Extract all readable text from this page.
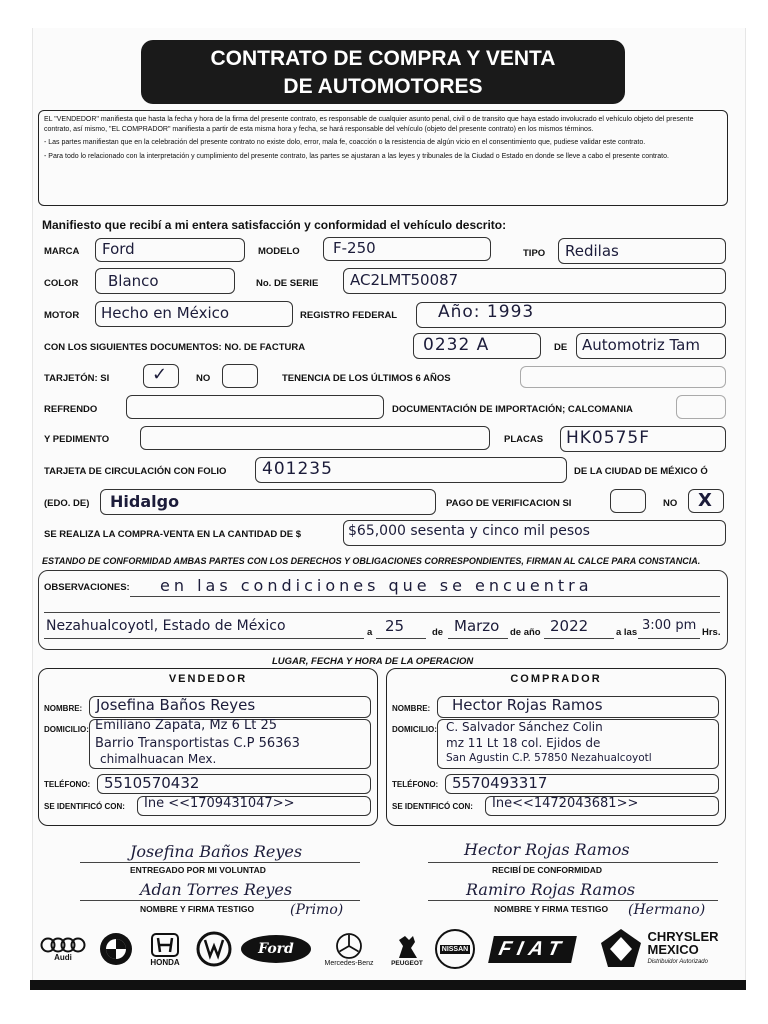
CONTRATO DE COMPRA Y VENTA
DE AUTOMOTORES

EL "VENDEDOR" manifiesta que hasta la fecha y hora de la firma del presente contrato, es responsable de cualquier asunto penal, civil o de transito que haya estado involucrado el vehículo objeto del presente contrato, así mismo, "EL COMPRADOR" manifiesta a partir de esta misma hora y fecha, se hará responsable del vehículo (objeto del presente contrato) en los mismos términos.

- Las partes manifiestan que en la celebración del presente contrato no existe dolo, error, mala fe, coacción o la resistencia de algún vicio en el consentimiento que, pudiese validar este contrato.

- Para todo lo relacionado con la interpretación y cumplimiento del presente contrato, las partes se ajustaran a las leyes y tribunales de la Ciudad o Estado en donde se lleve a cabo el presente contrato.

Manifiesto que recibí a mi entera satisfacción y conformidad el vehículo descrito:
MARCA Ford	MODELO F-250	TIPO Redilas
COLOR Blanco	No. DE SERIE AC2LMT50087
MOTOR Hecho en México	REGISTRO FEDERAL Año: 1993
CON LOS SIGUIENTES DOCUMENTOS: NO. DE FACTURA	0232 A	DE Automotriz Tam
TARJETÓN: SI ✓	NO	TENENCIA DE LOS ÚLTIMOS 6 AÑOS
REFRENDO	DOCUMENTACIÓN DE IMPORTACIÓN; CALCOMANIA
Y PEDIMENTO	PLACAS HK0575F
TARJETA DE CIRCULACIÓN CON FOLIO 401235	DE LA CIUDAD DE MÉXICO Ó
(EDO. DE) Hidalgo	PAGO DE VERIFICACION SI	NO X
SE REALIZA LA COMPRA-VENTA EN LA CANTIDAD DE $	$65,000 sesenta y cinco mil pesos
ESTANDO DE CONFORMIDAD AMBAS PARTES CON LOS DERECHOS Y OBLIGACIONES CORRESPONDIENTES, FIRMAN AL CALCE PARA CONSTANCIA.
OBSERVACIONES: en las condiciones que se encuentra
Nezahualcoyotl, Estado de México	a 25	de Marzo de año 2022	a las 3:00 pm Hrs.
LUGAR, FECHA Y HORA DE LA OPERACION
VENDEDOR
NOMBRE: Josefina Baños Reyes
DOMICILIO: Emiliano Zapata, Mz 6 Lt 25
Barrio Transportistas C.P 56363
chimalhuacan Mex.
TELÉFONO: 5510570432
SE IDENTIFICÓ CON: Ine <<1709431047>>
COMPRADOR
NOMBRE: Hector Rojas Ramos
DOMICILIO: C. Salvador Sánchez Colin
mz 11 Lt 18 col. Ejidos de
San Agustin C.P. 57850 Nezahualcoyotl
TELÉFONO: 5570493317
SE IDENTIFICÓ CON: Ine<<1472043681>>
Josefina Baños Reyes
ENTREGADO POR MI VOLUNTAD
Hector Rojas Ramos
RECIBÍ DE CONFORMIDAD
Adan Torres Reyes
NOMBRE Y FIRMA TESTIGO	(Primo)
Ramiro Rojas Ramos
NOMBRE Y FIRMA TESTIGO (Hermano)
Audi
HONDA
Ford
Mercedes-Benz	PEUGEOT
NISSAN	FIAT
CHRYSLER
MEXICO
Distribuidor Autorizado
